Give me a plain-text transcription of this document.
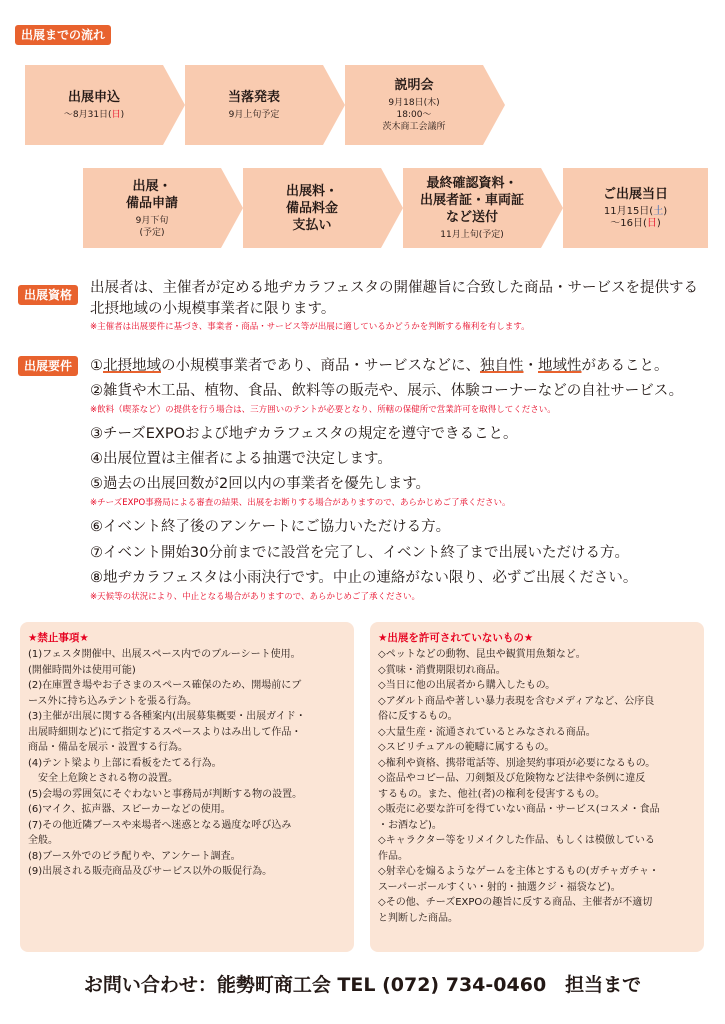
出展までの流れ
出展申込
～8月31日(日)
当落発表
9月上旬予定
説明会
9月18日(木)
18:00～
茨木商工会議所
出展・
備品申請
9月下旬
(予定)
出展料・
備品料金
支払い
最終確認資料・
出展者証・車両証
など送付
11月上旬(予定)
ご出展当日
11月15日(土)
～16日(日)
出展資格	出展者は、主催者が定める地ヂカラフェスタの開催趣旨に合致した商品・サービスを提供する北摂地域の小規模事業者に限ります。
※主催者は出展要件に基づき、事業者・商品・サービス等が出展に適しているかどうかを判断する権利を有します。
出展要件	①北摂地域の小規模事業者であり、商品・サービスなどに、独自性・地域性があること。
②雑貨や木工品、植物、食品、飲料等の販売や、展示、体験コーナーなどの自社サービス。
※飲料（喫茶など）の提供を行う場合は、三方囲いのテントが必要となり、所轄の保健所で営業許可を取得してください。
③チーズEXPOおよび地ヂカラフェスタの規定を遵守できること。
④出展位置は主催者による抽選で決定します。
⑤過去の出展回数が2回以内の事業者を優先します。
※チーズEXPO事務局による審査の結果、出展をお断りする場合がありますので、あらかじめご了承ください。
⑥イベント終了後のアンケートにご協力いただける方。
⑦イベント開始30分前までに設営を完了し、イベント終了まで出展いただける方。
⑧地ヂカラフェスタは小雨決行です。中止の連絡がない限り、必ずご出展ください。
※天候等の状況により、中止となる場合がありますので、あらかじめご了承ください。
★禁止事項★
(1)フェスタ開催中、出展スペース内でのブルーシート使用。
(開催時間外は使用可能)
(2)在庫置き場やお子さまのスペース確保のため、開場前にブ
ース外に持ち込みテントを張る行為。
(3)主催が出展に関する各種案内(出展募集概要・出展ガイド・
出展時細則など)にて指定するスペースよりはみ出して作品・
商品・備品を展示・設置する行為。
(4)テント梁より上部に看板をたてる行為。
　安全上危険とされる物の設置。
(5)会場の雰囲気にそぐわないと事務局が判断する物の設置。
(6)マイク、拡声器、スピーカーなどの使用。
(7)その他近隣ブースや来場者へ迷惑となる過度な呼び込み
全般。
(8)ブース外でのビラ配りや、アンケート調査。
(9)出展される販売商品及びサービス以外の販促行為。
★出展を許可されていないもの★
◇ペットなどの動物、昆虫や観賞用魚類など。
◇賞味・消費期限切れ商品。
◇当日に他の出展者から購入したもの。
◇アダルト商品や著しい暴力表現を含むメディアなど、公序良
俗に反するもの。
◇大量生産・流通されているとみなされる商品。
◇スピリチュアルの範疇に属するもの。
◇権利や資格、携帯電話等、別途契約事項が必要になるもの。
◇盗品やコピー品、刀剣類及び危険物など法律や条例に違反
するもの。また、他社(者)の権利を侵害するもの。
◇販売に必要な許可を得ていない商品・サービス(コスメ・食品
・お酒など)。
◇キャラクター等をリメイクした作品、もしくは模倣している
作品。
◇射幸心を煽るようなゲームを主体とするもの(ガチャガチャ・
スーパーボールすくい・射的・抽選クジ・福袋など)。
◇その他、チーズEXPOの趣旨に反する商品、主催者が不適切
と判断した商品。
お問い合わせ：能勢町商工会 TEL (072) 734-0460　担当まで
